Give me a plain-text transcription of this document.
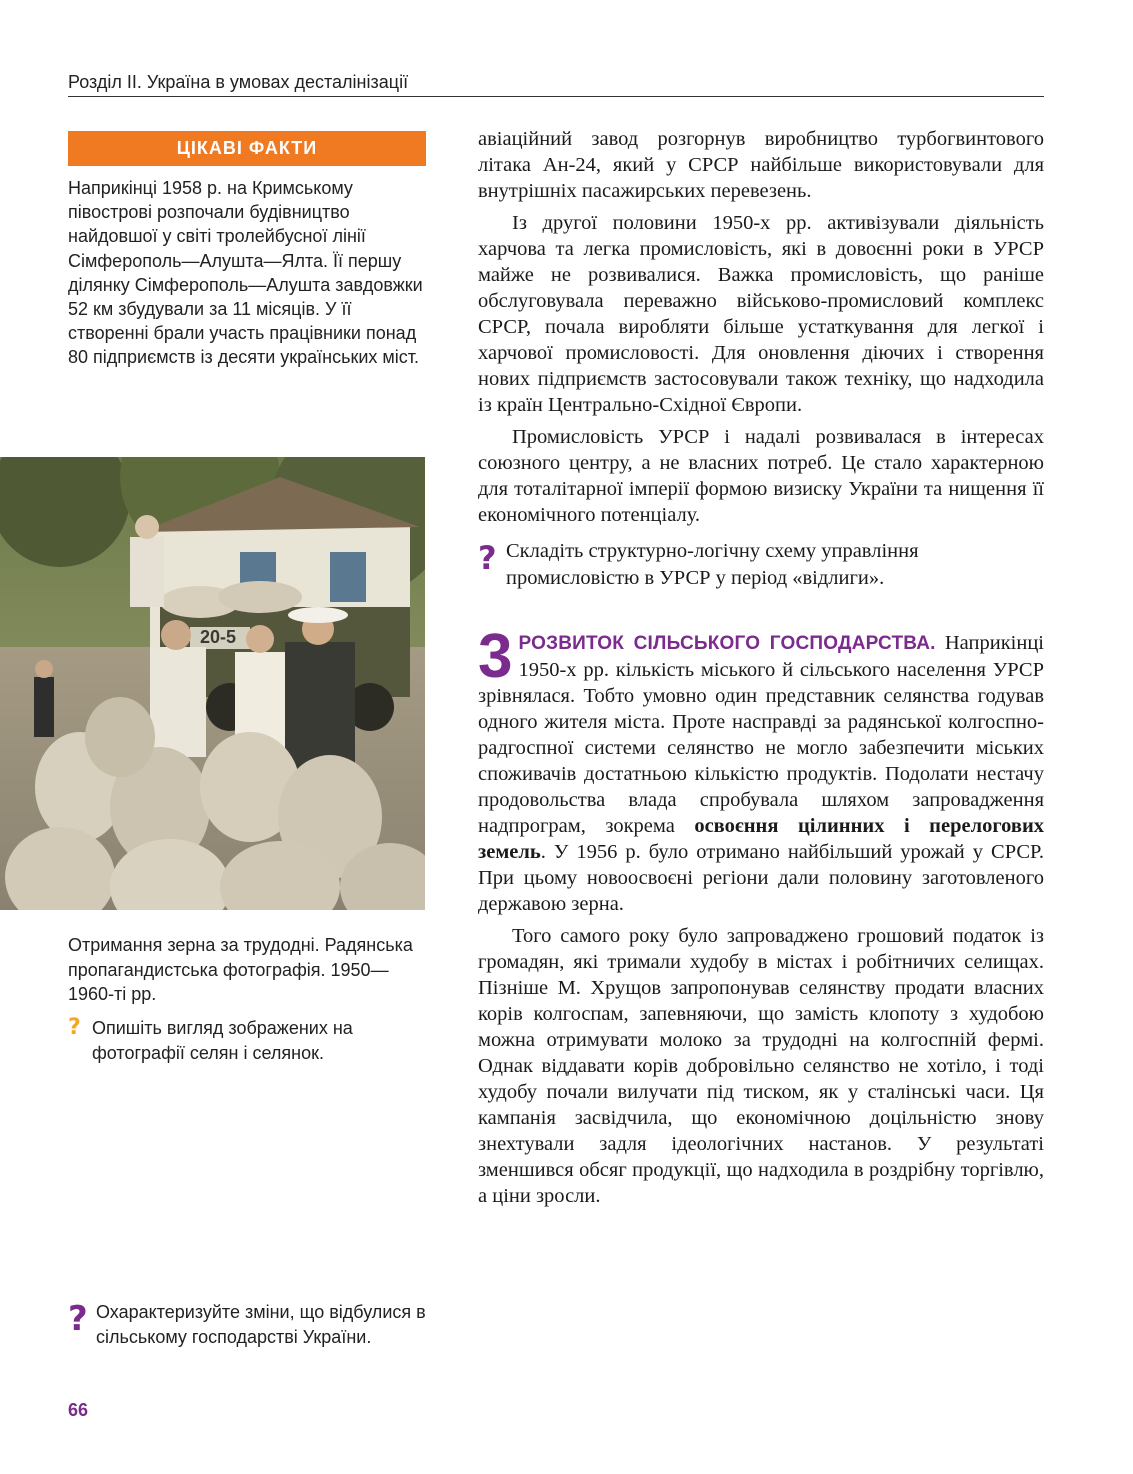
Розділ ІІ. Україна в умовах десталінізації
ЦІКАВІ ФАКТИ
Наприкінці 1958 р. на Кримському півострові розпочали будівництво найдовшої у світі тролейбусної лінії Сімферополь—Алушта—Ялта. Її першу ділянку Сімферополь—Алушта завдовжки 52 км збудували за 11 місяців. У її створенні брали участь працівники понад 80 підприємств із десяти українських міст.
20-5
Отримання зерна за трудодні. Радянська пропагандистська фотографія. 1950—1960-ті рр.
? Опишіть вигляд зображених на фотографії селян і селянок.
? Охарактеризуйте зміни, що відбулися в сільському господарстві України.

авіаційний завод розгорнув виробництво турбогвинтового літака Ан-24, який у СРСР найбільше використовували для внутрішніх пасажирських перевезень.

Із другої половини 1950-х рр. активізували діяльність харчова та легка промисловість, які в довоєнні роки в УРСР майже не розвивалися. Важка промисловість, що раніше обслуговувала переважно військово-промисловий комплекс СРСР, почала виробляти більше устаткування для легкої і харчової промисловості. Для оновлення діючих і створення нових підприємств застосовували також техніку, що надходила із країн Центрально-Східної Європи.

Промисловість УРСР і надалі розвивалася в інтересах союзного центру, а не власних потреб. Це стало характерною для тоталітарної імперії формою визиску України та нищення її економічного потенціалу.

? Складіть структурно-логічну схему управління промисловістю в УРСР у період «відлиги».
3 РОЗВИТОК СІЛЬСЬКОГО ГОСПОДАРСТВА. Наприкінці 1950-х рр. кількість міського й сільського населення УРСР зрівнялася. Тобто умовно один представник селянства годував одного жителя міста. Проте насправді за радянської колгоспно-радгоспної системи селянство не могло забезпечити міських споживачів достатньою кількістю продуктів. Подолати нестачу продовольства влада спробувала шляхом запровадження надпрограм, зокрема освоєння цілинних і перелогових земель. У 1956 р. було отримано найбільший урожай у СРСР. При цьому новоосвоєні регіони дали половину заготовленого державою зерна.

Того самого року було запроваджено грошовий податок із громадян, які тримали худобу в містах і робітничих селищах. Пізніше М. Хрущов запропонував селянству продати власних корів колгоспам, запевняючи, що замість клопоту з худобою можна отримувати молоко за трудодні на колгоспній фермі. Однак віддавати корів добровільно селянство не хотіло, і тоді худобу почали вилучати під тиском, як у сталінські часи. Ця кампанія засвідчила, що економічною доцільністю знову знехтували задля ідеологічних настанов. У результаті зменшився обсяг продукції, що надходила в роздрібну торгівлю, а ціни зросли.

66
